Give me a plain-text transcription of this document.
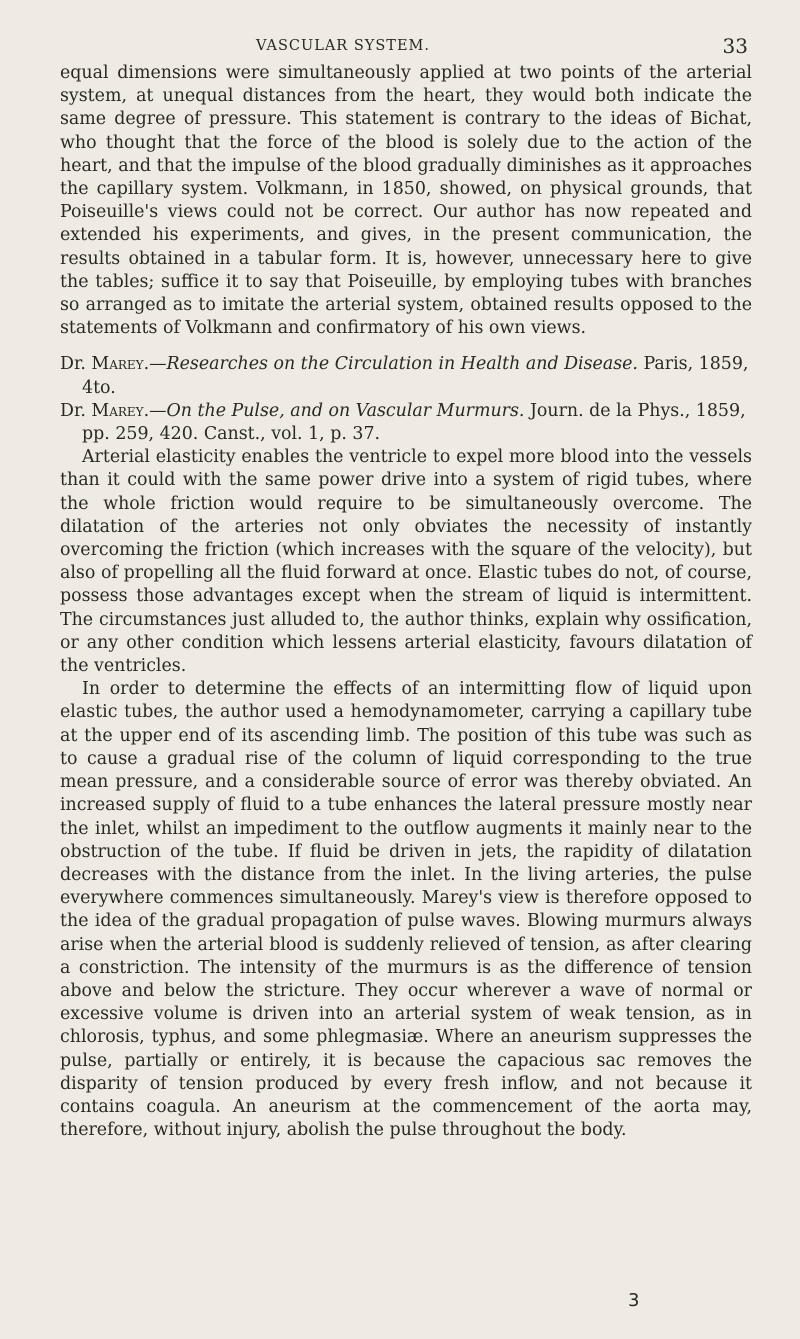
VASCULAR SYSTEM.	33

equal dimensions were simultaneously applied at two points of the arterial system, at unequal distances from the heart, they would both indicate the same degree of pressure. This statement is contrary to the ideas of Bichat, who thought that the force of the blood is solely due to the action of the heart, and that the impulse of the blood gradually diminishes as it approaches the capillary system. Volkmann, in 1850, showed, on physical grounds, that Poiseuille's views could not be correct. Our author has now repeated and extended his experiments, and gives, in the present communication, the results obtained in a tabular form. It is, however, unnecessary here to give the tables; suffice it to say that Poiseuille, by employing tubes with branches so arranged as to imitate the arterial system, obtained results opposed to the statements of Volkmann and confirmatory of his own views.

Dr. Marey.—Researches on the Circulation in Health and Disease. Paris, 1859, 4to.

Dr. Marey.—On the Pulse, and on Vascular Murmurs. Journ. de la Phys., 1859, pp. 259, 420. Canst., vol. 1, p. 37.

Arterial elasticity enables the ventricle to expel more blood into the vessels than it could with the same power drive into a system of rigid tubes, where the whole friction would require to be simultaneously overcome. The dilatation of the arteries not only obviates the necessity of instantly overcoming the friction (which increases with the square of the velocity), but also of propelling all the fluid forward at once. Elastic tubes do not, of course, possess those advantages except when the stream of liquid is intermittent. The circumstances just alluded to, the author thinks, explain why ossification, or any other condition which lessens arterial elasticity, favours dilatation of the ventricles.

In order to determine the effects of an intermitting flow of liquid upon elastic tubes, the author used a hemodynamometer, carrying a capillary tube at the upper end of its ascending limb. The position of this tube was such as to cause a gradual rise of the column of liquid corresponding to the true mean pressure, and a considerable source of error was thereby obviated. An increased supply of fluid to a tube enhances the lateral pressure mostly near the inlet, whilst an impediment to the outflow augments it mainly near to the obstruction of the tube. If fluid be driven in jets, the rapidity of dilatation decreases with the distance from the inlet. In the living arteries, the pulse everywhere commences simultaneously. Marey's view is therefore opposed to the idea of the gradual propagation of pulse waves. Blowing murmurs always arise when the arterial blood is suddenly relieved of tension, as after clearing a constriction. The intensity of the murmurs is as the difference of tension above and below the stricture. They occur wherever a wave of normal or excessive volume is driven into an arterial system of weak tension, as in chlorosis, typhus, and some phlegmasiæ. Where an aneurism suppresses the pulse, partially or entirely, it is because the capacious sac removes the disparity of tension produced by every fresh inflow, and not because it contains coagula. An aneurism at the commencement of the aorta may, therefore, without injury, abolish the pulse throughout the body.

3
